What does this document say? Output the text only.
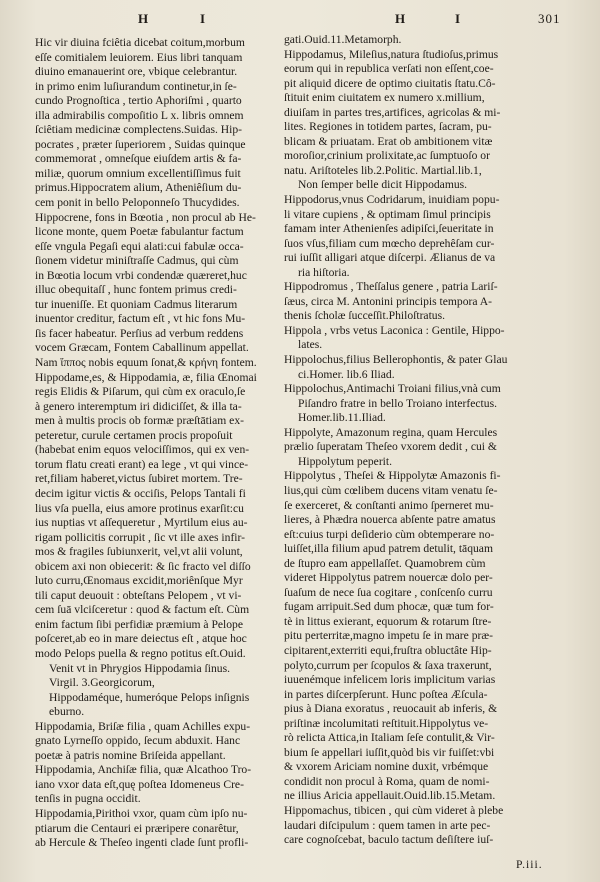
H	I	H	I	301
Hic vir diuina fciêtia dicebat coitum,morbum
eſſe comitialem leuiorem. Eius libri tanquam
diuino emanauerint ore, vbique celebrantur.
in primo enim luſiurandum continetur,in ſe-
cundo Prognoſtica , tertio Aphoriſmi , quarto
illa admirabilis compoſitio L x. libris omnem
ſciêtiam medicinæ complectens.Suidas. Hip-
pocrates , præter ſuperiorem , Suidas quinque
commemorat , omneſque eiuſdem artis & fa-
miliæ, quorum omnium excellentiſſimus fuit
primus.Hippocratem alium, Atheniêſium du-
cem ponit in bello Peloponneſo Thucydides.
Hippocrene, fons in Bœotia , non procul ab He-
licone monte, quem Poetæ fabulantur factum
eſſe vngula Pegaſi equi alati:cui fabulæ occa-
ſionem videtur miniſtraſſe Cadmus, qui cùm
in Bœotia locum vrbi condendæ quæreret,huc
illuc obequitaſſ , hunc fontem primus credi-
tur inueniſſe. Et quoniam Cadmus literarum
inuentor creditur, factum eſt , vt hic fons Mu-
ſis facer habeatur. Perſius ad verbum reddens
vocem Græcam, Fontem Caballinum appellat.
Nam ἵππος nobis equum ſonat,& κρήνη fontem.
Hippodame,es, & Hippodamia, æ, filia Œnomai
regis Elidis & Piſarum, qui cùm ex oraculo,ſe
à genero interemptum iri didiciſſet, & illa ta-
men à multis procis ob formæ præſtātiam ex-
peteretur, curule certamen procis propoſuit
(habebat enim equos velociſſimos, qui ex ven-
torum flatu creati erant) ea lege , vt qui vince-
ret,filiam haberet,victus ſubiret mortem. Tre-
decim igitur victis & occiſis, Pelops Tantali fi
lius vſa puella, eius amore protinus exarſit:cu
ius nuptias vt aſſequeretur , Myrtilum eius au-
rigam pollicitis corrupit , ſic vt ille axes infir-
mos & fragiles ſubiunxerit, vel,vt alii volunt,
obicem axi non obiecerit: & ſic fracto vel diſſo
luto curru,Œnomaus excidit,moriênſque Myr
tili caput deuouit : obteſtans Pelopem , vt vi-
cem ſuā vlciſceretur : quod & factum eſt. Cùm
enim factum ſibi perfidiæ præmium à Pelope
poſceret,ab eo in mare deiectus eſt , atque hoc
modo Pelops puella & regno potitus eſt.Ouid.
Venit vt in Phrygios Hippodamia ſinus.
Virgil. 3.Georgicorum,
Hippodaméque, humeróque Pelops inſignis
eburno.
Hippodamia, Briſæ filia , quam Achilles expu-
gnato Lyrneſſo oppido, ſecum abduxit. Hanc
poetæ à patris nomine Briſeida appellant.
Hippodamia, Anchiſæ filia, quæ Alcathoo Tro-
iano vxor data eſt,quę poſtea Idomeneus Cre-
tenſis in pugna occidit.
Hippodamia,Pirithoi vxor, quam cùm ipſo nu-
ptiarum die Centauri ei præripere conarêtur,
ab Hercule & Theſeo ingenti clade ſunt profli-
gati.Ouid.11.Metamorph.
Hippodamus, Mileſius,natura ſtudioſus,primus
eorum qui in republica verſati non eſſent,coe-
pit aliquid dicere de optimo ciuitatis ſtatu.Cô-
ſtituit enim ciuitatem ex numero x.millium,
diuiſam in partes tres,artifices, agricolas & mi-
lites. Regiones in totidem partes, ſacram, pu-
blicam & priuatam. Erat ob ambitionem vitæ
moroſior,crinium prolixitate,ac ſumptuoſo or
natu. Ariſtoteles lib.2.Politic. Martial.lib.1,
Non ſemper belle dicit Hippodamus.
Hippodorus,vnus Codridarum, inuidiam popu-
li vitare cupiens , & optimam ſimul principis
famam inter Athenienſes adipiſci,ſeueritate in
ſuos vſus,filiam cum mœcho deprehêſam cur-
rui iuſſit alligari atque diſcerpi. Ælianus de va
ria hiſtoria.
Hippodromus , Theſſalus genere , patria Lariſ-
ſæus, circa M. Antonini principis tempora A-
thenis ſcholæ ſucceſſit.Philoſtratus.
Hippola , vrbs vetus Laconica : Gentile, Hippo-
lates.
Hippolochus,filius Bellerophontis, & pater Glau
ci.Homer. lib.6 Iliad.
Hippolochus,Antimachi Troiani filius,vnà cum
Piſandro fratre in bello Troiano interfectus.
Homer.lib.11.Iliad.
Hippolyte, Amazonum regina, quam Hercules
prælio ſuperatam Theſeo vxorem dedit , cui &
Hippolytum peperit.
Hippolytus , Theſei & Hippolytæ Amazonis fi-
lius,qui cùm cœlibem ducens vitam venatu ſe-
ſe exerceret, & conſtanti animo ſperneret mu-
lieres, à Phædra nouerca abſente patre amatus
eſt:cuius turpi deſiderio cùm obtemperare no-
luiſſet,illa filium apud patrem detulit, tāquam
de ſtupro eam appellaſſet. Quamobrem cùm
videret Hippolytus patrem nouercæ dolo per-
ſuaſum de nece ſua cogitare , conſcenſo curru
fugam arripuit.Sed dum phocæ, quæ tum for-
tè in littus exierant, equorum & rotarum ſtre-
pitu perterritæ,magno impetu ſe in mare præ-
cipitarent,exterriti equi,fruſtra obluctâte Hip-
polyto,currum per ſcopulos & ſaxa traxerunt,
iuuenémque infelicem loris implicitum varias
in partes diſcerpſerunt. Hunc poſtea Æſcula-
pius à Diana exoratus , reuocauit ab inferis, &
priſtinæ incolumitati reſtituit.Hippolytus ve-
rò relicta Attica,in Italiam ſeſe contulit,& Vir-
bium ſe appellari iuſſit,quòd bis vir fuiſſet:vbi
& vxorem Ariciam nomine duxit, vrbémque
condidit non procul à Roma, quam de nomi-
ne illius Aricia appellauit.Ouid.lib.15.Metam.
Hippomachus, tibicen , qui cùm videret à plebe
laudari diſcipulum : quem tamen in arte pec-
care cognoſcebat, baculo tactum deſiſtere iuſ-
P.iii.
